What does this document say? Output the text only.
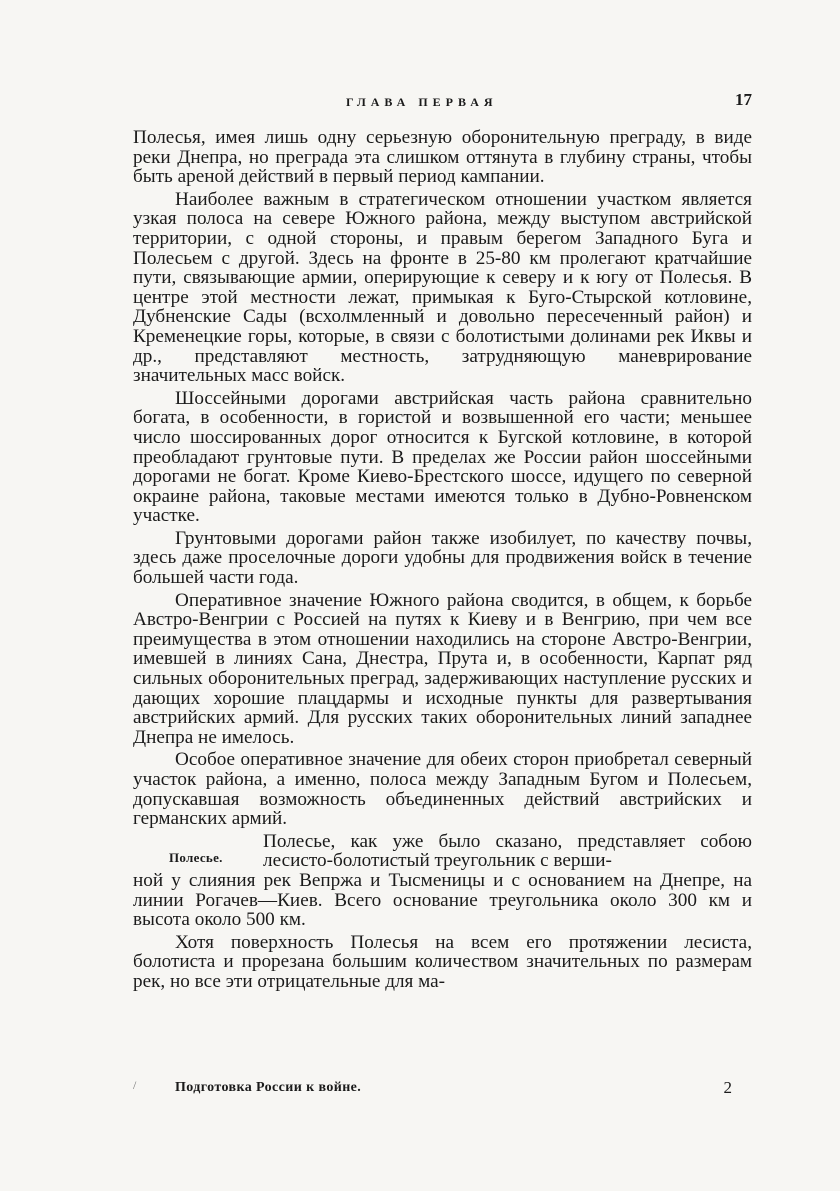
ГЛАВА ПЕРВАЯ	17

Полесья, имея лишь одну серьезную оборонительную преграду, в виде реки Днепра, но преграда эта слишком оттянута в глубину страны, чтобы быть ареной действий в первый период кампании.

Наиболее важным в стратегическом отношении участком является узкая полоса на севере Южного района, между выступом австрийской территории, с одной стороны, и правым берегом Западного Буга и Полесьем с другой. Здесь на фронте в 25-80 км пролегают кратчайшие пути, связывающие армии, оперирующие к северу и к югу от Полесья. В центре этой местности лежат, примыкая к Буго-Стырской котловине, Дубненские Сады (всхолмленный и довольно пересеченный район) и Кременецкие горы, которые, в связи с болотистыми долинами рек Иквы и др., представляют местность, затрудняющую маневрирование значительных масс войск.

Шоссейными дорогами австрийская часть района сравнительно богата, в особенности, в гористой и возвышенной его части; меньшее число шоссированных дорог относится к Бугской котловине, в которой преобладают грунтовые пути. В пределах же России район шоссейными дорогами не богат. Кроме Киево-Брестского шоссе, идущего по северной окраине района, таковые местами имеются только в Дубно-Ровненском участке.

Грунтовыми дорогами район также изобилует, по качеству почвы, здесь даже проселочные дороги удобны для продвижения войск в течение большей части года.

Оперативное значение Южного района сводится, в общем, к борьбе Австро-Венгрии с Россией на путях к Киеву и в Венгрию, при чем все преимущества в этом отношении находились на стороне Австро-Венгрии, имевшей в линиях Сана, Днестра, Прута и, в особенности, Карпат ряд сильных оборонительных преград, задерживающих наступление русских и дающих хорошие плацдармы и исходные пункты для развертывания австрийских армий. Для русских таких оборонительных линий западнее Днепра не имелось.

Особое оперативное значение для обеих сторон приобретал северный участок района, а именно, полоса между Западным Бугом и Полесьем, допускавшая возможность объединенных действий австрийских и германских армий.

Полесье.

Полесье, как уже было сказано, представляет собою лесисто-болотистый треугольник с верши-

ной у слияния рек Вепржа и Тысменицы и с основанием на Днепре, на линии Рогачев—Киев. Всего основание треугольника около 300 км и высота около 500 км.

Хотя поверхность Полесья на всем его протяжении лесиста, болотиста и прорезана большим количеством значительных по размерам рек, но все эти отрицательные для ма-

/	Подготовка России к войне.	2
